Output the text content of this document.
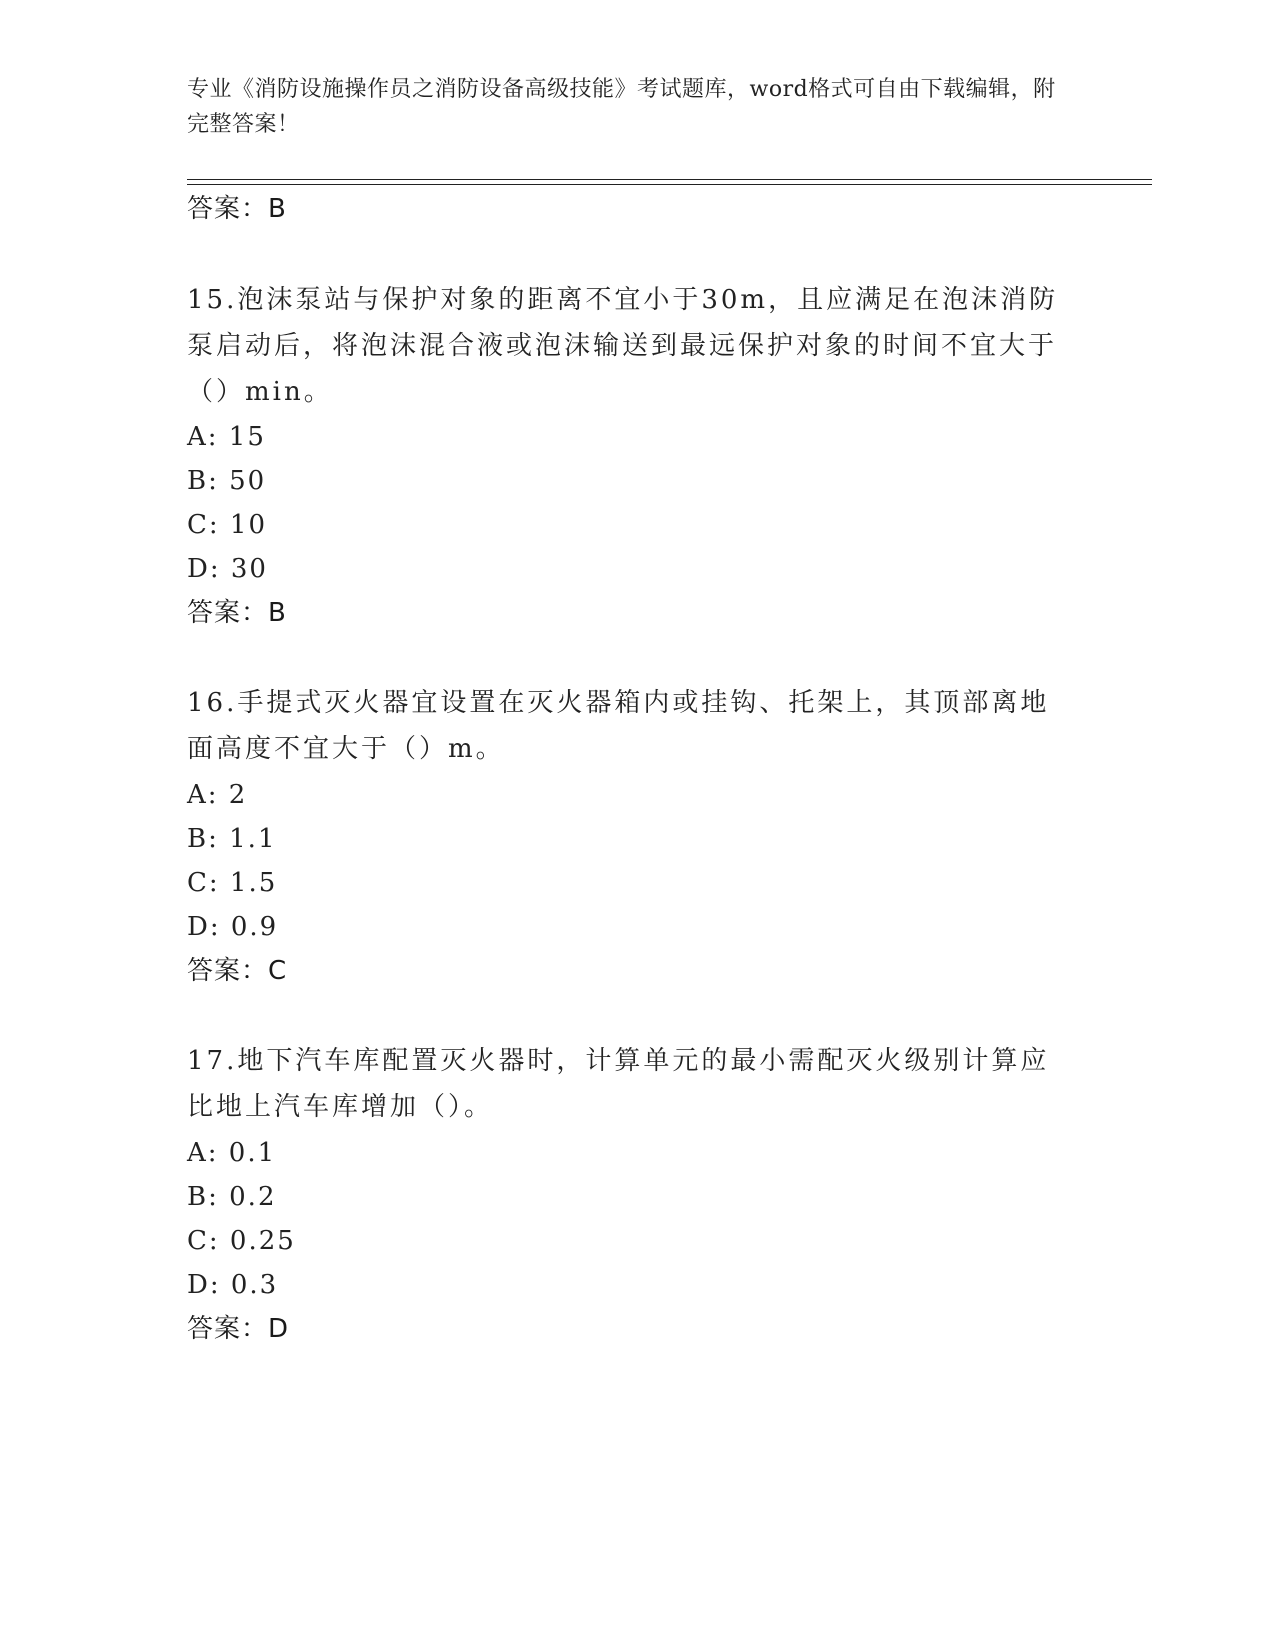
专业《消防设施操作员之消防设备高级技能》考试题库，word格式可自由下载编辑，附完整答案！
答案：B
15.泡沫泵站与保护对象的距离不宜小于30m，且应满足在泡沫消防泵启动后，将泡沫混合液或泡沫输送到最远保护对象的时间不宜大于（）min。
A: 15
B: 50
C: 10
D: 30
答案：B
16.手提式灭火器宜设置在灭火器箱内或挂钩、托架上，其顶部离地面高度不宜大于（）m。
A: 2
B: 1.1
C: 1.5
D: 0.9
答案：C
17.地下汽车库配置灭火器时，计算单元的最小需配灭火级别计算应比地上汽车库增加（）。
A: 0.1
B: 0.2
C: 0.25
D: 0.3
答案：D
